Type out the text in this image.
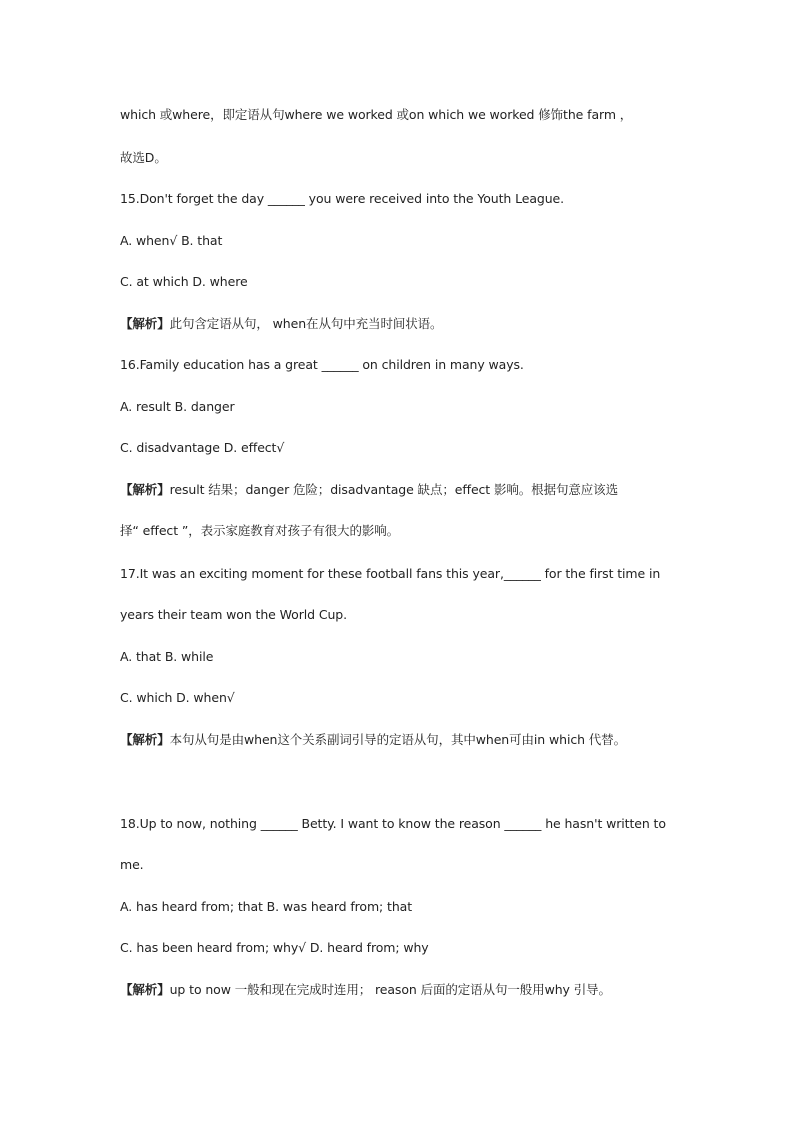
which 或where，即定语从句where we worked 或on which we worked 修饰the farm ，
故选D。
15.Don't forget the day ______ you were received into the Youth League.
A. when√ B. that
C. at which D. where
【解析】此句含定语从句， when在从句中充当时间状语。
16.Family education has a great ______ on children in many ways.
A. result B. danger
C. disadvantage D. effect√
【解析】result 结果；danger 危险；disadvantage 缺点；effect 影响。根据句意应该选
择“ effect ”，表示家庭教育对孩子有很大的影响。
17.It was an exciting moment for these football fans this year,______ for the first time in
years their team won the World Cup.
A. that B. while
C. which D. when√
【解析】本句从句是由when这个关系副词引导的定语从句，其中when可由in which 代替。
18.Up to now, nothing ______ Betty. I want to know the reason ______ he hasn't written to
me.
A. has heard from; that B. was heard from; that
C. has been heard from; why√ D. heard from; why
【解析】up to now 一般和现在完成时连用； reason 后面的定语从句一般用why 引导。
